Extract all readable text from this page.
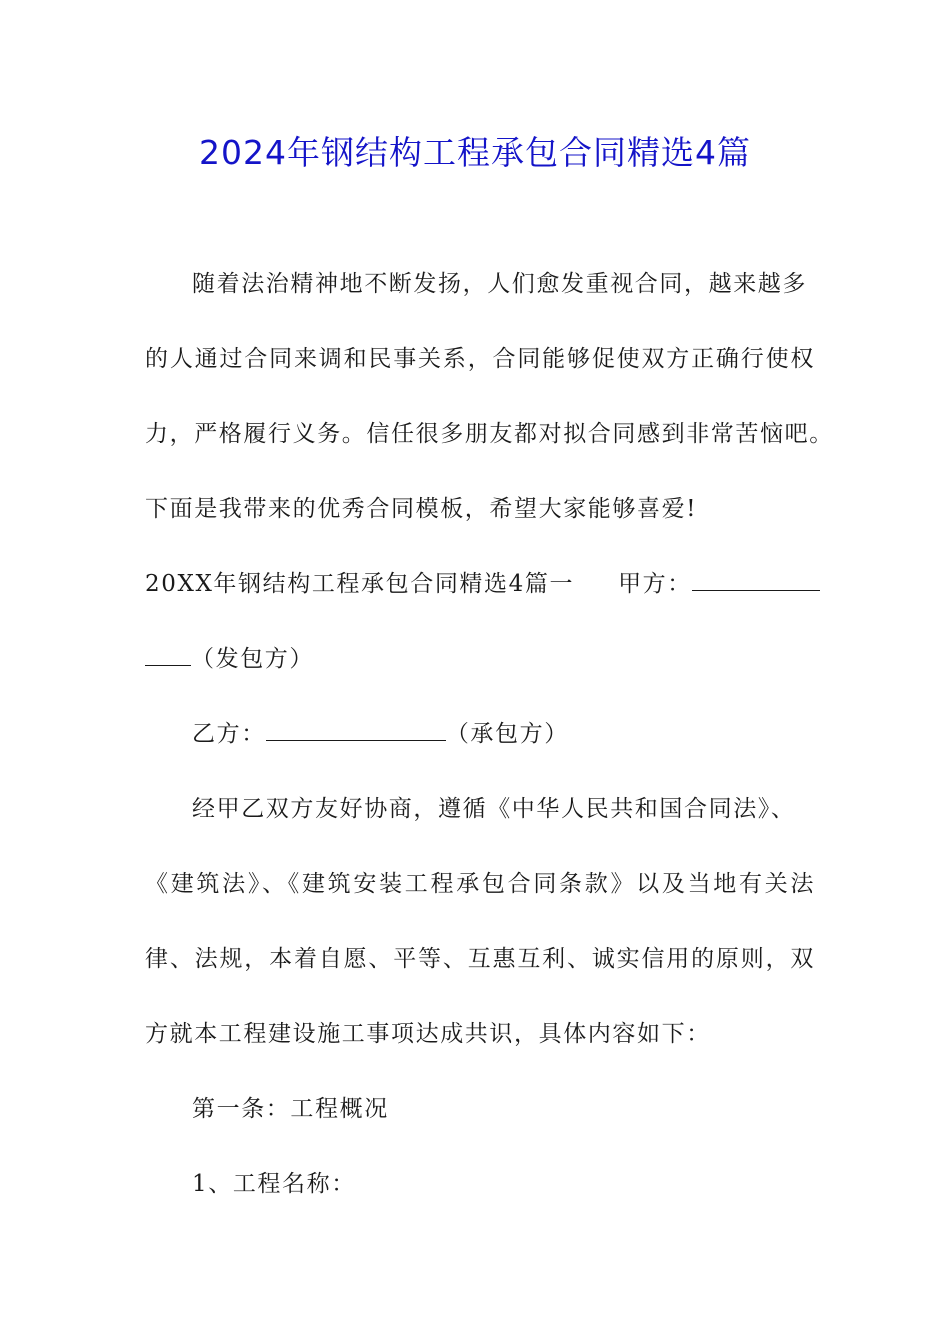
2024年钢结构工程承包合同精选4篇

随着法治精神地不断发扬，人们愈发重视合同，越来越多

的人通过合同来调和民事关系，合同能够促使双方正确行使权

力，严格履行义务。信任很多朋友都对拟合同感到非常苦恼吧。

下面是我带来的优秀合同模板，希望大家能够喜爱!

20XX年钢结构工程承包合同精选4篇一 甲方：

（发包方）

乙方：	（承包方）

经甲乙双方友好协商，遵循《中华人民共和国合同法》、

《建筑法》、《建筑安装工程承包合同条款》以及当地有关法

律、法规，本着自愿、平等、互惠互利、诚实信用的原则，双

方就本工程建设施工事项达成共识，具体内容如下：

第一条：工程概况

1、工程名称：
